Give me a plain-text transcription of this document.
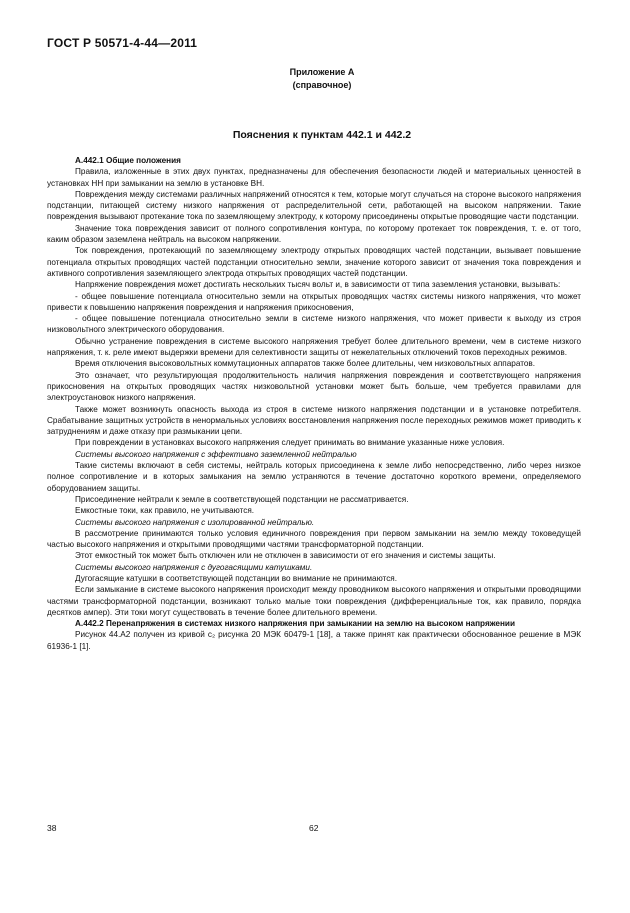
ГОСТ Р 50571-4-44—2011
Приложение А
(справочное)
Пояснения к пунктам 442.1 и 442.2

А.442.1 Общие положения

Правила, изложенные в этих двух пунктах, предназначены для обеспечения безопасности людей и материальных ценностей в установках НН при замыкании на землю в установке ВН.

Повреждения между системами различных напряжений относятся к тем, которые могут случаться на стороне высокого напряжения подстанции, питающей систему низкого напряжения от распределительной сети, работающей на высоком напряжении. Такие повреждения вызывают протекание тока по заземляющему электроду, к которому присоединены открытые проводящие части подстанции.

Значение тока повреждения зависит от полного сопротивления контура, по которому протекает ток повреждения, т. е. от того, каким образом заземлена нейтраль на высоком напряжении.

Ток повреждения, протекающий по заземляющему электроду открытых проводящих частей подстанции, вызывает повышение потенциала открытых проводящих частей подстанции относительно земли, значение которого зависит от значения тока повреждения и активного сопротивления заземляющего электрода открытых проводящих частей подстанции.

Напряжение повреждения может достигать нескольких тысяч вольт и, в зависимости от типа заземления установки, вызывать:

- общее повышение потенциала относительно земли на открытых проводящих частях системы низкого напряжения, что может привести к повышению напряжения повреждения и напряжения прикосновения,

- общее повышение потенциала относительно земли в системе низкого напряжения, что может привести к выходу из строя низковольтного электрического оборудования.

Обычно устранение повреждения в системе высокого напряжения требует более длительного времени, чем в системе низкого напряжения, т. к. реле имеют выдержки времени для селективности защиты от нежелательных отключений токов переходных режимов.

Время отключения высоковольтных коммутационных аппаратов также более длительны, чем низковольтных аппаратов.

Это означает, что результирующая продолжительность наличия напряжения повреждения и соответствующего напряжения прикосновения на открытых проводящих частях низковольтной установки может быть больше, чем требуется правилами для электроустановок низкого напряжения.

Также может возникнуть опасность выхода из строя в системе низкого напряжения подстанции и в установке потребителя. Срабатывание защитных устройств в ненормальных условиях восстановления напряжения после переходных режимов может приводить к затруднениям и даже отказу при размыкании цепи.

При повреждении в установках высокого напряжения следует принимать во внимание указанные ниже условия.

Системы высокого напряжения с эффективно заземленной нейтралью

Такие системы включают в себя системы, нейтраль которых присоединена к земле либо непосредственно, либо через низкое полное сопротивление и в которых замыкания на землю устраняются в течение достаточно короткого времени, определяемого оборудованием защиты.

Присоединение нейтрали к земле в соответствующей подстанции не рассматривается.

Емкостные токи, как правило, не учитываются.

Системы высокого напряжения с изолированной нейтралью.

В рассмотрение принимаются только условия единичного повреждения при первом замыкании на землю между токоведущей частью высокого напряжения и открытыми проводящими частями трансформаторной подстанции.

Этот емкостный ток может быть отключен или не отключен в зависимости от его значения и системы защиты.

Системы высокого напряжения с дугогасящими катушками.

Дугогасящие катушки в соответствующей подстанции во внимание не принимаются.

Если замыкание в системе высокого напряжения происходит между проводником высокого напряжения и открытыми проводящими частями трансформаторной подстанции, возникают только малые токи повреждения (дифференциальные ток, как правило, порядка десятков ампер). Эти токи могут существовать в течение более длительного времени.

А.442.2 Перенапряжения в системах низкого напряжения при замыкании на землю на высоком напряжении

Рисунок 44.А2 получен из кривой c₂ рисунка 20 МЭК 60479-1 [18], а также принят как практически обоснованное решение в МЭК 61936-1 [1].

38	62
